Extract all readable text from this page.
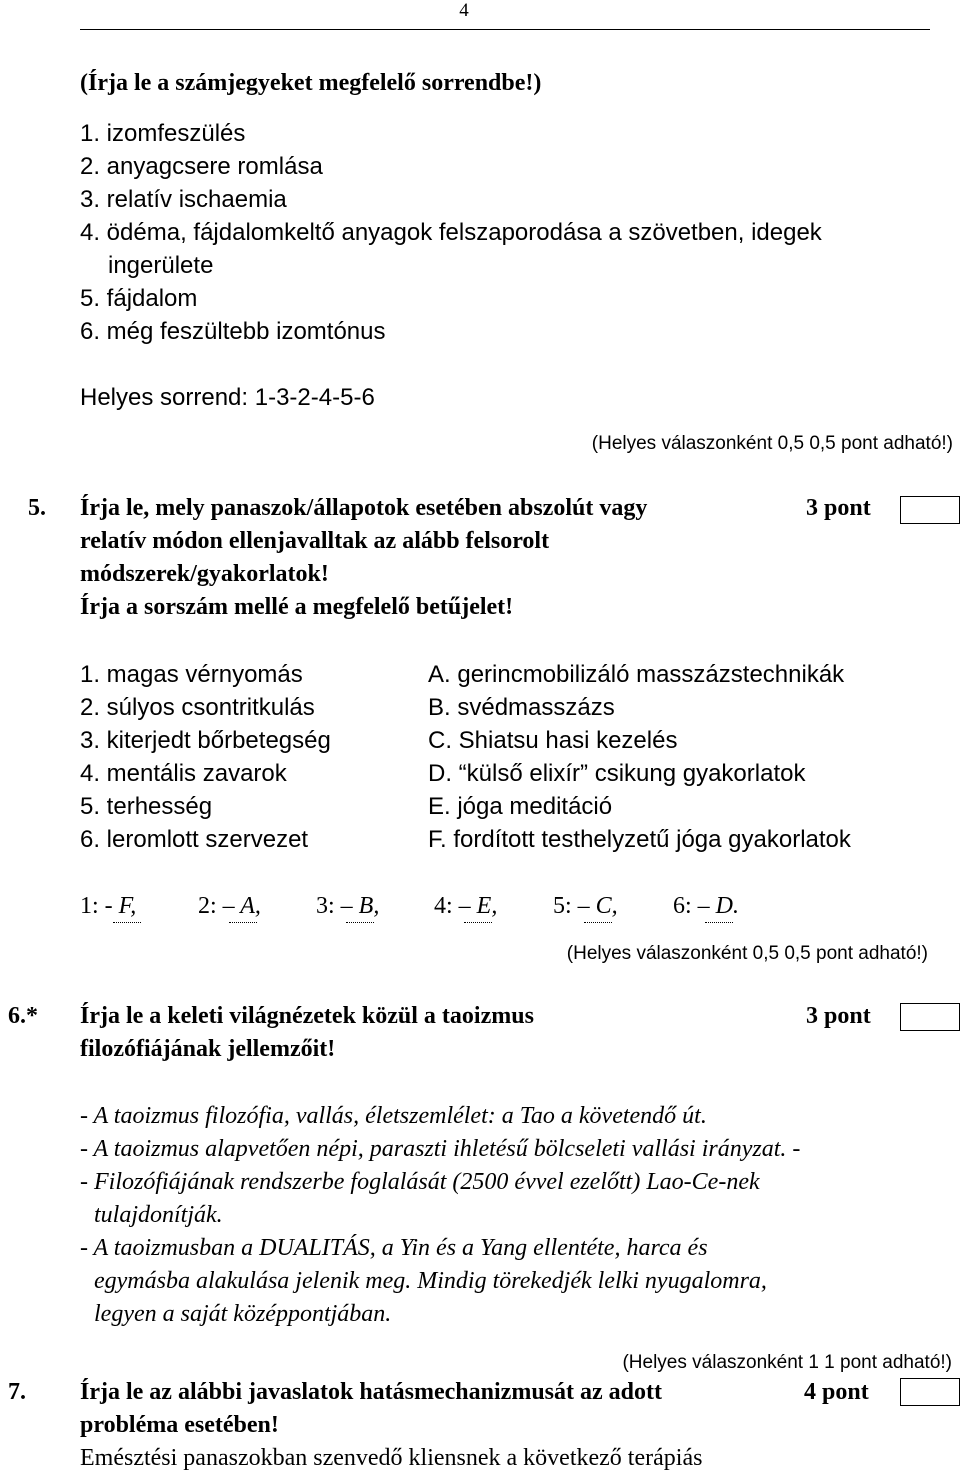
4
(Írja le a számjegyeket megfelelő sorrendbe!)
1. izomfeszülés
2. anyagcsere romlása
3. relatív ischaemia
4. ödéma, fájdalomkeltő anyagok felszaporodása a szövetben, idegek
ingerülete
5. fájdalom
6. még feszültebb izomtónus
Helyes sorrend: 1-3-2-4-5-6
(Helyes válaszonként 0,5 0,5 pont adható!)
5. Írja le, mely panaszok/állapotok esetében abszolút vagy
relatív módon ellenjavalltak az alább felsorolt
módszerek/gyakorlatok!
Írja a sorszám mellé a megfelelő betűjelet!
3 pont
1. magas vérnyomás
2. súlyos csontritkulás
3. kiterjedt bőrbetegség
4. mentális zavarok
5. terhesség
6. leromlott szervezet
A. gerincmobilizáló masszázstechnikák
B. svédmasszázs
C. Shiatsu hasi kezelés
D. “külső elixír” csikung gyakorlatok
E. jóga meditáció
F. fordított testhelyzetű jóga gyakorlatok
1: - F,	2: – A, 3: – B, 4: – E, 5: – C, 6: – D.
(Helyes válaszonként 0,5 0,5 pont adható!)
6.* Írja le a keleti világnézetek közül a taoizmus
filozófiájának jellemzőit!
3 pont
- A taoizmus filozófia, vallás, életszemlélet: a Tao a követendő út.
- A taoizmus alapvetően népi, paraszti ihletésű bölcseleti vallási irányzat. -
- Filozófiájának rendszerbe foglalását (2500 évvel ezelőtt) Lao-Ce-nek
tulajdonítják.
- A taoizmusban a DUALITÁS, a Yin és a Yang ellentéte, harca és
egymásba alakulása jelenik meg. Mindig törekedjék lelki nyugalomra,
legyen a saját középpontjában.
(Helyes válaszonként 1 1 pont adható!)
7. Írja le az alábbi javaslatok hatásmechanizmusát az adott
probléma esetében!
4 pont
Emésztési panaszokban szenvedő kliensnek a következő terápiás
